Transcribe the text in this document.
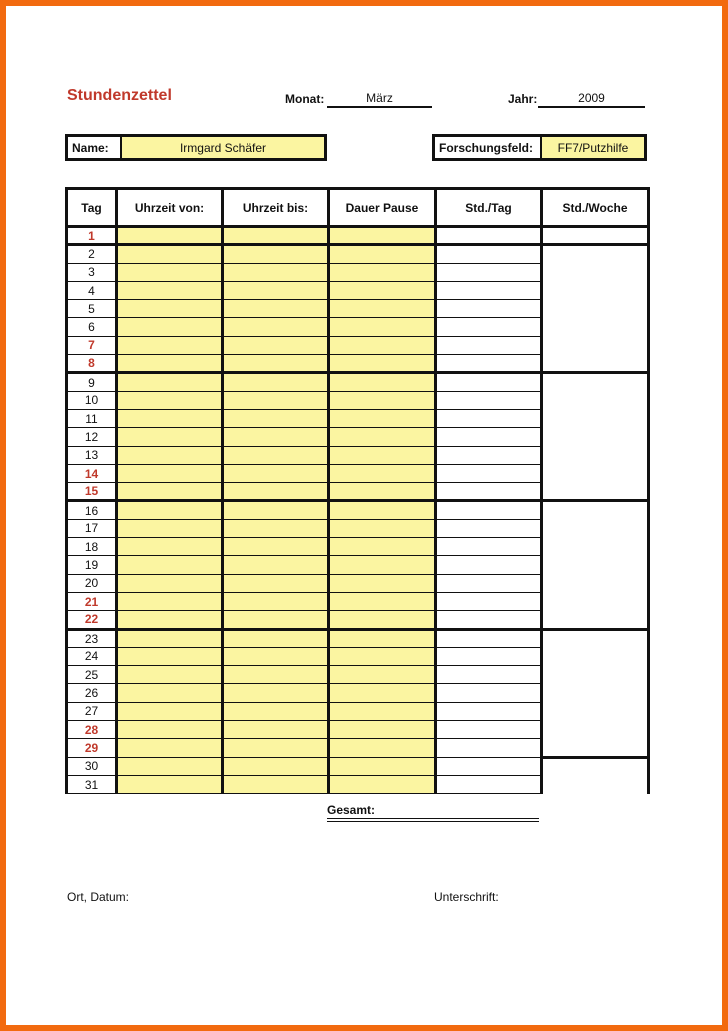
Stundenzettel	Monat:	März	Jahr:	2009
Name:	Irmgard Schäfer	Forschungsfeld:	FF7/Putzhilfe
Tag	Uhrzeit von:	Uhrzeit bis:	Dauer Pause	Std./Tag	Std./Woche
1					
2					
3					
4					
5					
6					
7					
8					
9					
10					
11					
12					
13					
14					
15					
16					
17					
18					
19					
20					
21					
22					
23					
24					
25					
26					
27					
28					
29					
30					
31					
Gesamt:
Ort, Datum:	Unterschrift:
